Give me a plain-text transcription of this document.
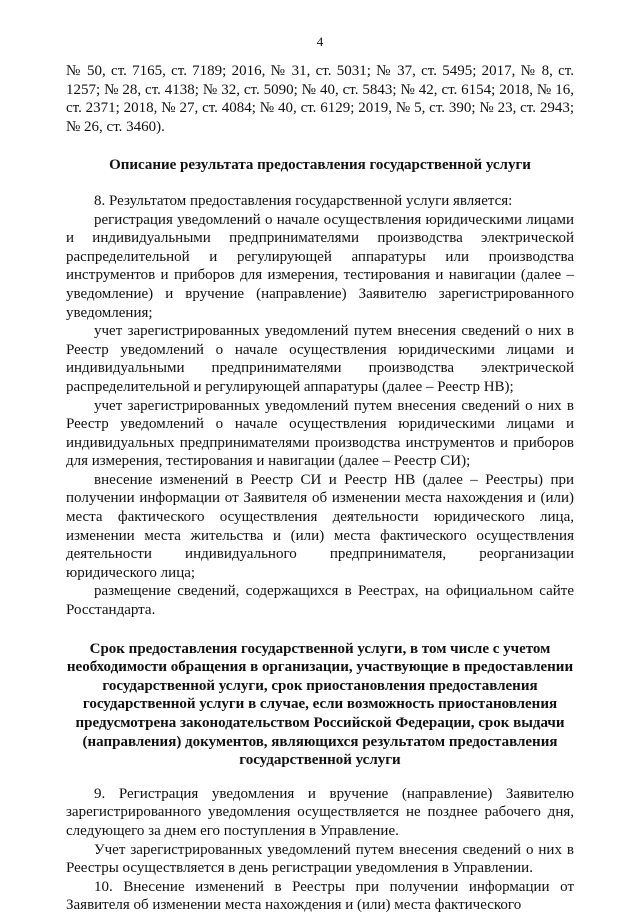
4

№ 50, ст. 7165, ст. 7189; 2016, № 31, ст. 5031; № 37, ст. 5495; 2017, № 8, ст. 1257; № 28, ст. 4138; № 32, ст. 5090; № 40, ст. 5843; № 42, ст. 6154; 2018, № 16, ст. 2371; 2018, № 27, ст. 4084; № 40, ст. 6129; 2019, № 5, ст. 390; № 23, ст. 2943; № 26, ст. 3460).

Описание результата предоставления государственной услуги

8. Результатом предоставления государственной услуги является:

регистрация уведомлений о начале осуществления юридическими лицами и индивидуальными предпринимателями производства электрической распределительной и регулирующей аппаратуры или производства инструментов и приборов для измерения, тестирования и навигации (далее – уведомление) и вручение (направление) Заявителю зарегистрированного уведомления;

учет зарегистрированных уведомлений путем внесения сведений о них в Реестр уведомлений о начале осуществления юридическими лицами и индивидуальными предпринимателями производства электрической распределительной и регулирующей аппаратуры (далее – Реестр НВ);

учет зарегистрированных уведомлений путем внесения сведений о них в Реестр уведомлений о начале осуществления юридическими лицами и индивидуальных предпринимателями производства инструментов и приборов для измерения, тестирования и навигации (далее – Реестр СИ);

внесение изменений в Реестр СИ и Реестр НВ (далее – Реестры) при получении информации от Заявителя об изменении места нахождения и (или) места фактического осуществления деятельности юридического лица, изменении места жительства и (или) места фактического осуществления деятельности индивидуального предпринимателя, реорганизации юридического лица;

размещение сведений, содержащихся в Реестрах, на официальном сайте Росстандарта.

Срок предоставления государственной услуги, в том числе с учетом необходимости обращения в организации, участвующие в предоставлении государственной услуги, срок приостановления предоставления государственной услуги в случае, если возможность приостановления предусмотрена законодательством Российской Федерации, срок выдачи (направления) документов, являющихся результатом предоставления государственной услуги

9. Регистрация уведомления и вручение (направление) Заявителю зарегистрированного уведомления осуществляется не позднее рабочего дня, следующего за днем его поступления в Управление.

Учет зарегистрированных уведомлений путем внесения сведений о них в Реестры осуществляется в день регистрации уведомления в Управлении.

10. Внесение изменений в Реестры при получении информации от Заявителя об изменении места нахождения и (или) места фактического
